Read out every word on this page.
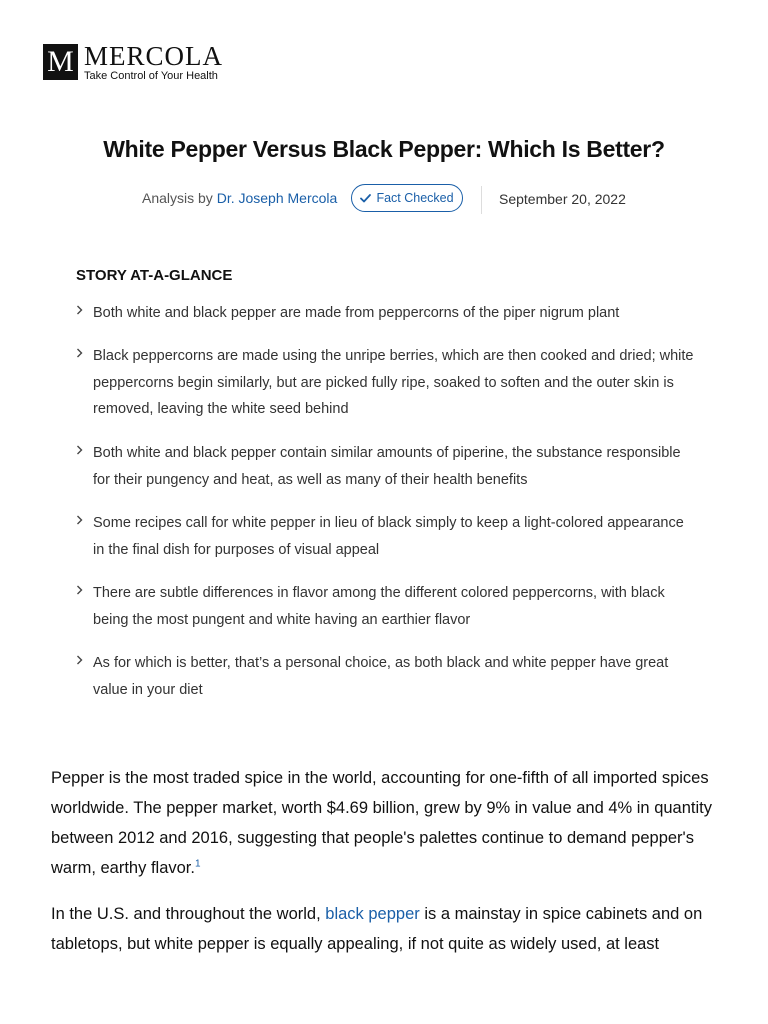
M MERCOLA
Take Control of Your Health
White Pepper Versus Black Pepper: Which Is Better?
Analysis by Dr. Joseph Mercola	Fact Checked	September 20, 2022
STORY AT-A-GLANCE
Both white and black pepper are made from peppercorns of the piper nigrum plant
Black peppercorns are made using the unripe berries, which are then cooked and dried; white peppercorns begin similarly, but are picked fully ripe, soaked to soften and the outer skin is removed, leaving the white seed behind
Both white and black pepper contain similar amounts of piperine, the substance responsible for their pungency and heat, as well as many of their health benefits
Some recipes call for white pepper in lieu of black simply to keep a light-colored appearance in the final dish for purposes of visual appeal
There are subtle differences in flavor among the different colored peppercorns, with black being the most pungent and white having an earthier flavor
As for which is better, that’s a personal choice, as both black and white pepper have great value in your diet

Pepper is the most traded spice in the world, accounting for one-fifth of all imported spices worldwide. The pepper market, worth $4.69 billion, grew by 9% in value and 4% in quantity between 2012 and 2016, suggesting that people's palettes continue to demand pepper's warm, earthy flavor.$^1$

In the U.S. and throughout the world, black pepper is a mainstay in spice cabinets and on tabletops, but white pepper is equally appealing, if not quite as widely used, at least
